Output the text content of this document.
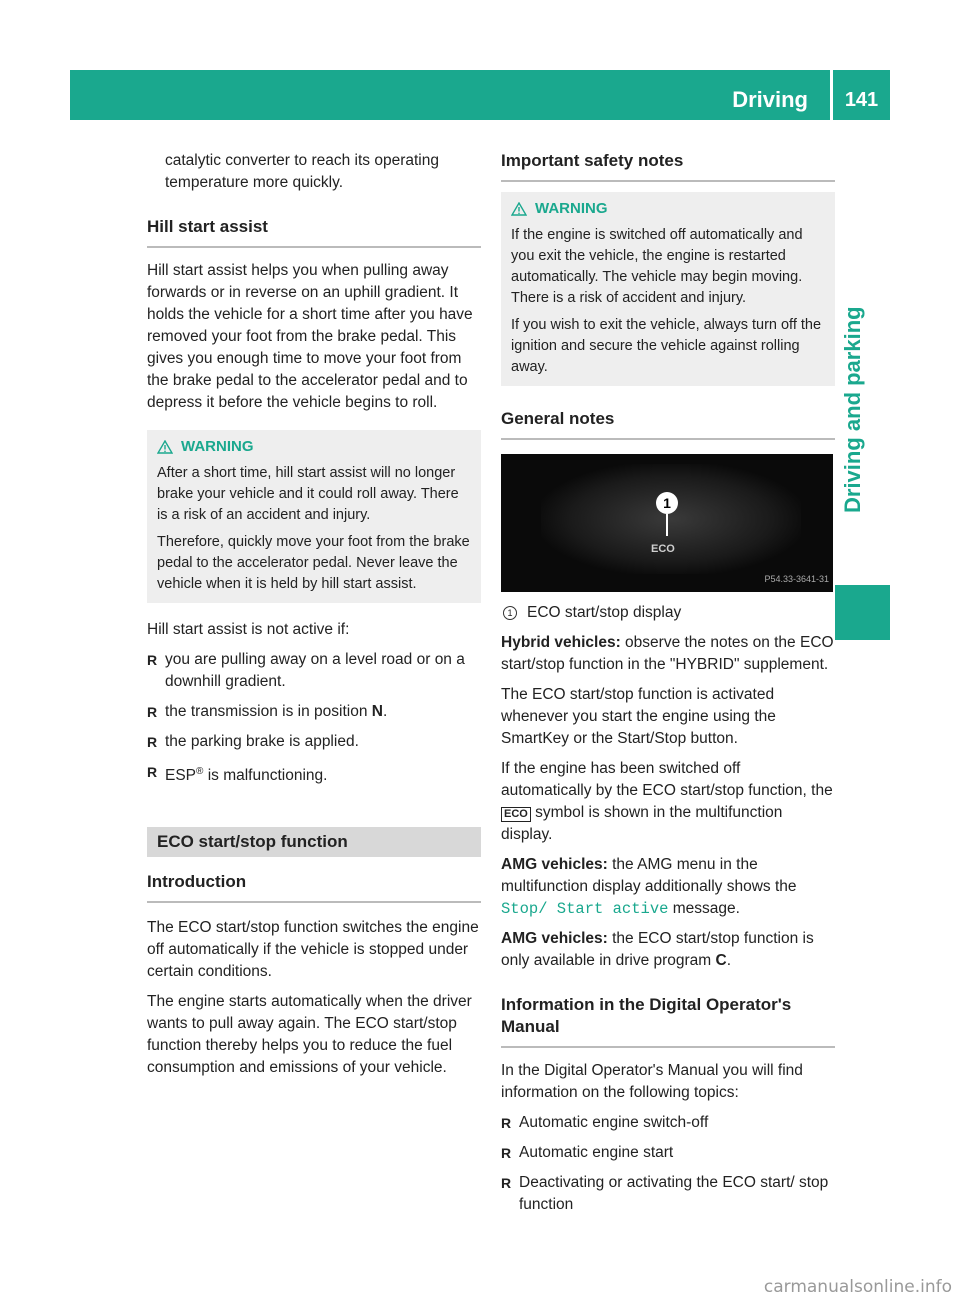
Driving	141
Driving and parking

catalytic converter to reach its operating temperature more quickly.

Hill start assist

Hill start assist helps you when pulling away forwards or in reverse on an uphill gradient. It holds the vehicle for a short time after you have removed your foot from the brake pedal. This gives you enough time to move your foot from the brake pedal to the accelerator pedal and to depress it before the vehicle begins to roll.

WARNING

After a short time, hill start assist will no longer brake your vehicle and it could roll away. There is a risk of an accident and injury.

Therefore, quickly move your foot from the brake pedal to the accelerator pedal. Never leave the vehicle when it is held by hill start assist.

Hill start assist is not active if:

R you are pulling away on a level road or on a downhill gradient.
R the transmission is in position N.
R the parking brake is applied.
R ESP® is malfunctioning.
ECO start/stop function
Introduction

The ECO start/stop function switches the engine off automatically if the vehicle is stopped under certain conditions.

The engine starts automatically when the driver wants to pull away again. The ECO start/stop function thereby helps you to reduce the fuel consumption and emissions of your vehicle.

Important safety notes
WARNING

If the engine is switched off automatically and you exit the vehicle, the engine is restarted automatically. The vehicle may begin moving. There is a risk of accident and injury.

If you wish to exit the vehicle, always turn off the ignition and secure the vehicle against rolling away.

General notes
1
ECO
P54.33-3641-31
1 ECO start/stop display

Hybrid vehicles: observe the notes on the ECO start/stop function in the "HYBRID" supplement.

The ECO start/stop function is activated whenever you start the engine using the SmartKey or the Start/Stop button.

If the engine has been switched off automatically by the ECO start/stop function, the ECO symbol is shown in the multifunction display.

AMG vehicles: the AMG menu in the multifunction display additionally shows the Stop/ Start active message.

AMG vehicles: the ECO start/stop function is only available in drive program C.

Information in the Digital Operator's Manual

In the Digital Operator's Manual you will find information on the following topics:

R Automatic engine switch-off
R Automatic engine start
R Deactivating or activating the ECO start/ stop function
carmanualsonline.info
